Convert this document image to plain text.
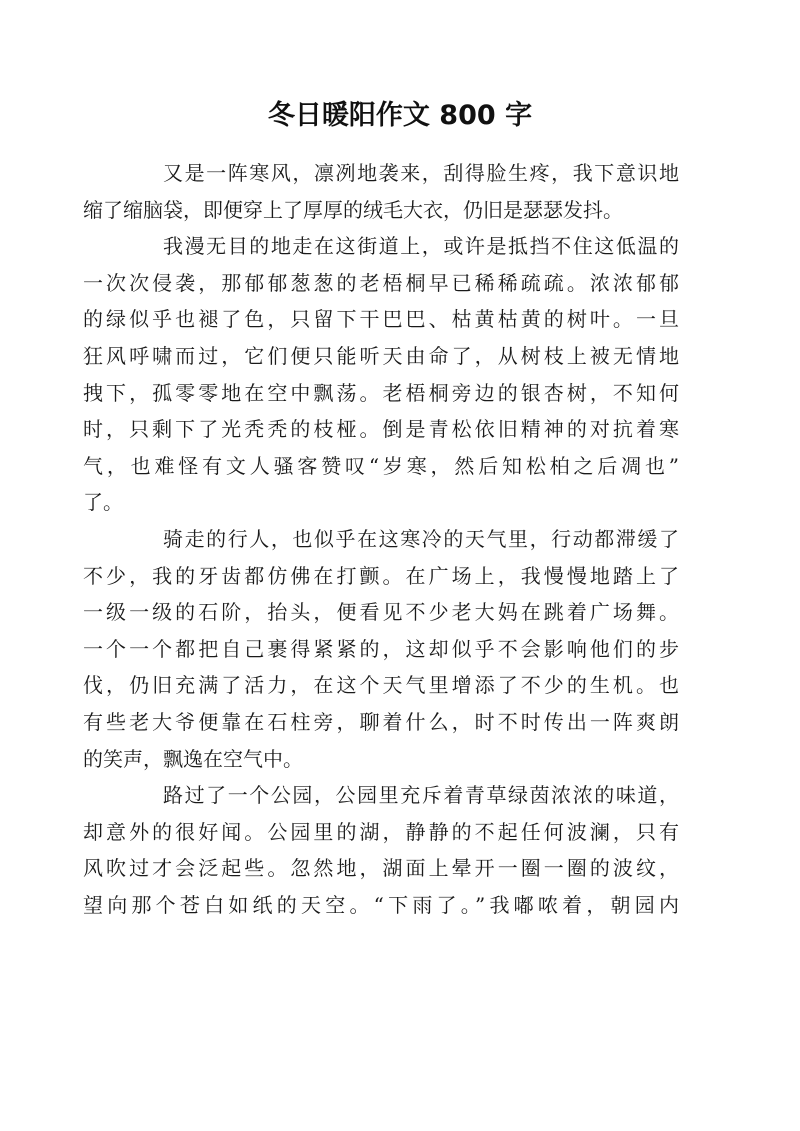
冬日暖阳作文 800 字

又是一阵寒风，凛冽地袭来，刮得脸生疼，我下意识地
缩了缩脑袋，即便穿上了厚厚的绒毛大衣，仍旧是瑟瑟发抖。

我漫无目的地走在这街道上，或许是抵挡不住这低温的
一次次侵袭，那郁郁葱葱的老梧桐早已稀稀疏疏。浓浓郁郁
的绿似乎也褪了色，只留下干巴巴、枯黄枯黄的树叶。一旦
狂风呼啸而过，它们便只能听天由命了，从树枝上被无情地
拽下，孤零零地在空中飘荡。老梧桐旁边的银杏树，不知何
时，只剩下了光秃秃的枝桠。倒是青松依旧精神的对抗着寒
气，也难怪有文人骚客赞叹“岁寒，然后知松柏之后凋也”
了。

骑走的行人，也似乎在这寒冷的天气里，行动都滞缓了
不少，我的牙齿都仿佛在打颤。在广场上，我慢慢地踏上了
一级一级的石阶，抬头，便看见不少老大妈在跳着广场舞。
一个一个都把自己裹得紧紧的，这却似乎不会影响他们的步
伐，仍旧充满了活力，在这个天气里增添了不少的生机。也
有些老大爷便靠在石柱旁，聊着什么，时不时传出一阵爽朗
的笑声，飘逸在空气中。

路过了一个公园，公园里充斥着青草绿茵浓浓的味道，
却意外的很好闻。公园里的湖，静静的不起任何波澜，只有
风吹过才会泛起些。忽然地，湖面上晕开一圈一圈的波纹，
望向那个苍白如纸的天空。“下雨了。”我嘟哝着，朝园内
